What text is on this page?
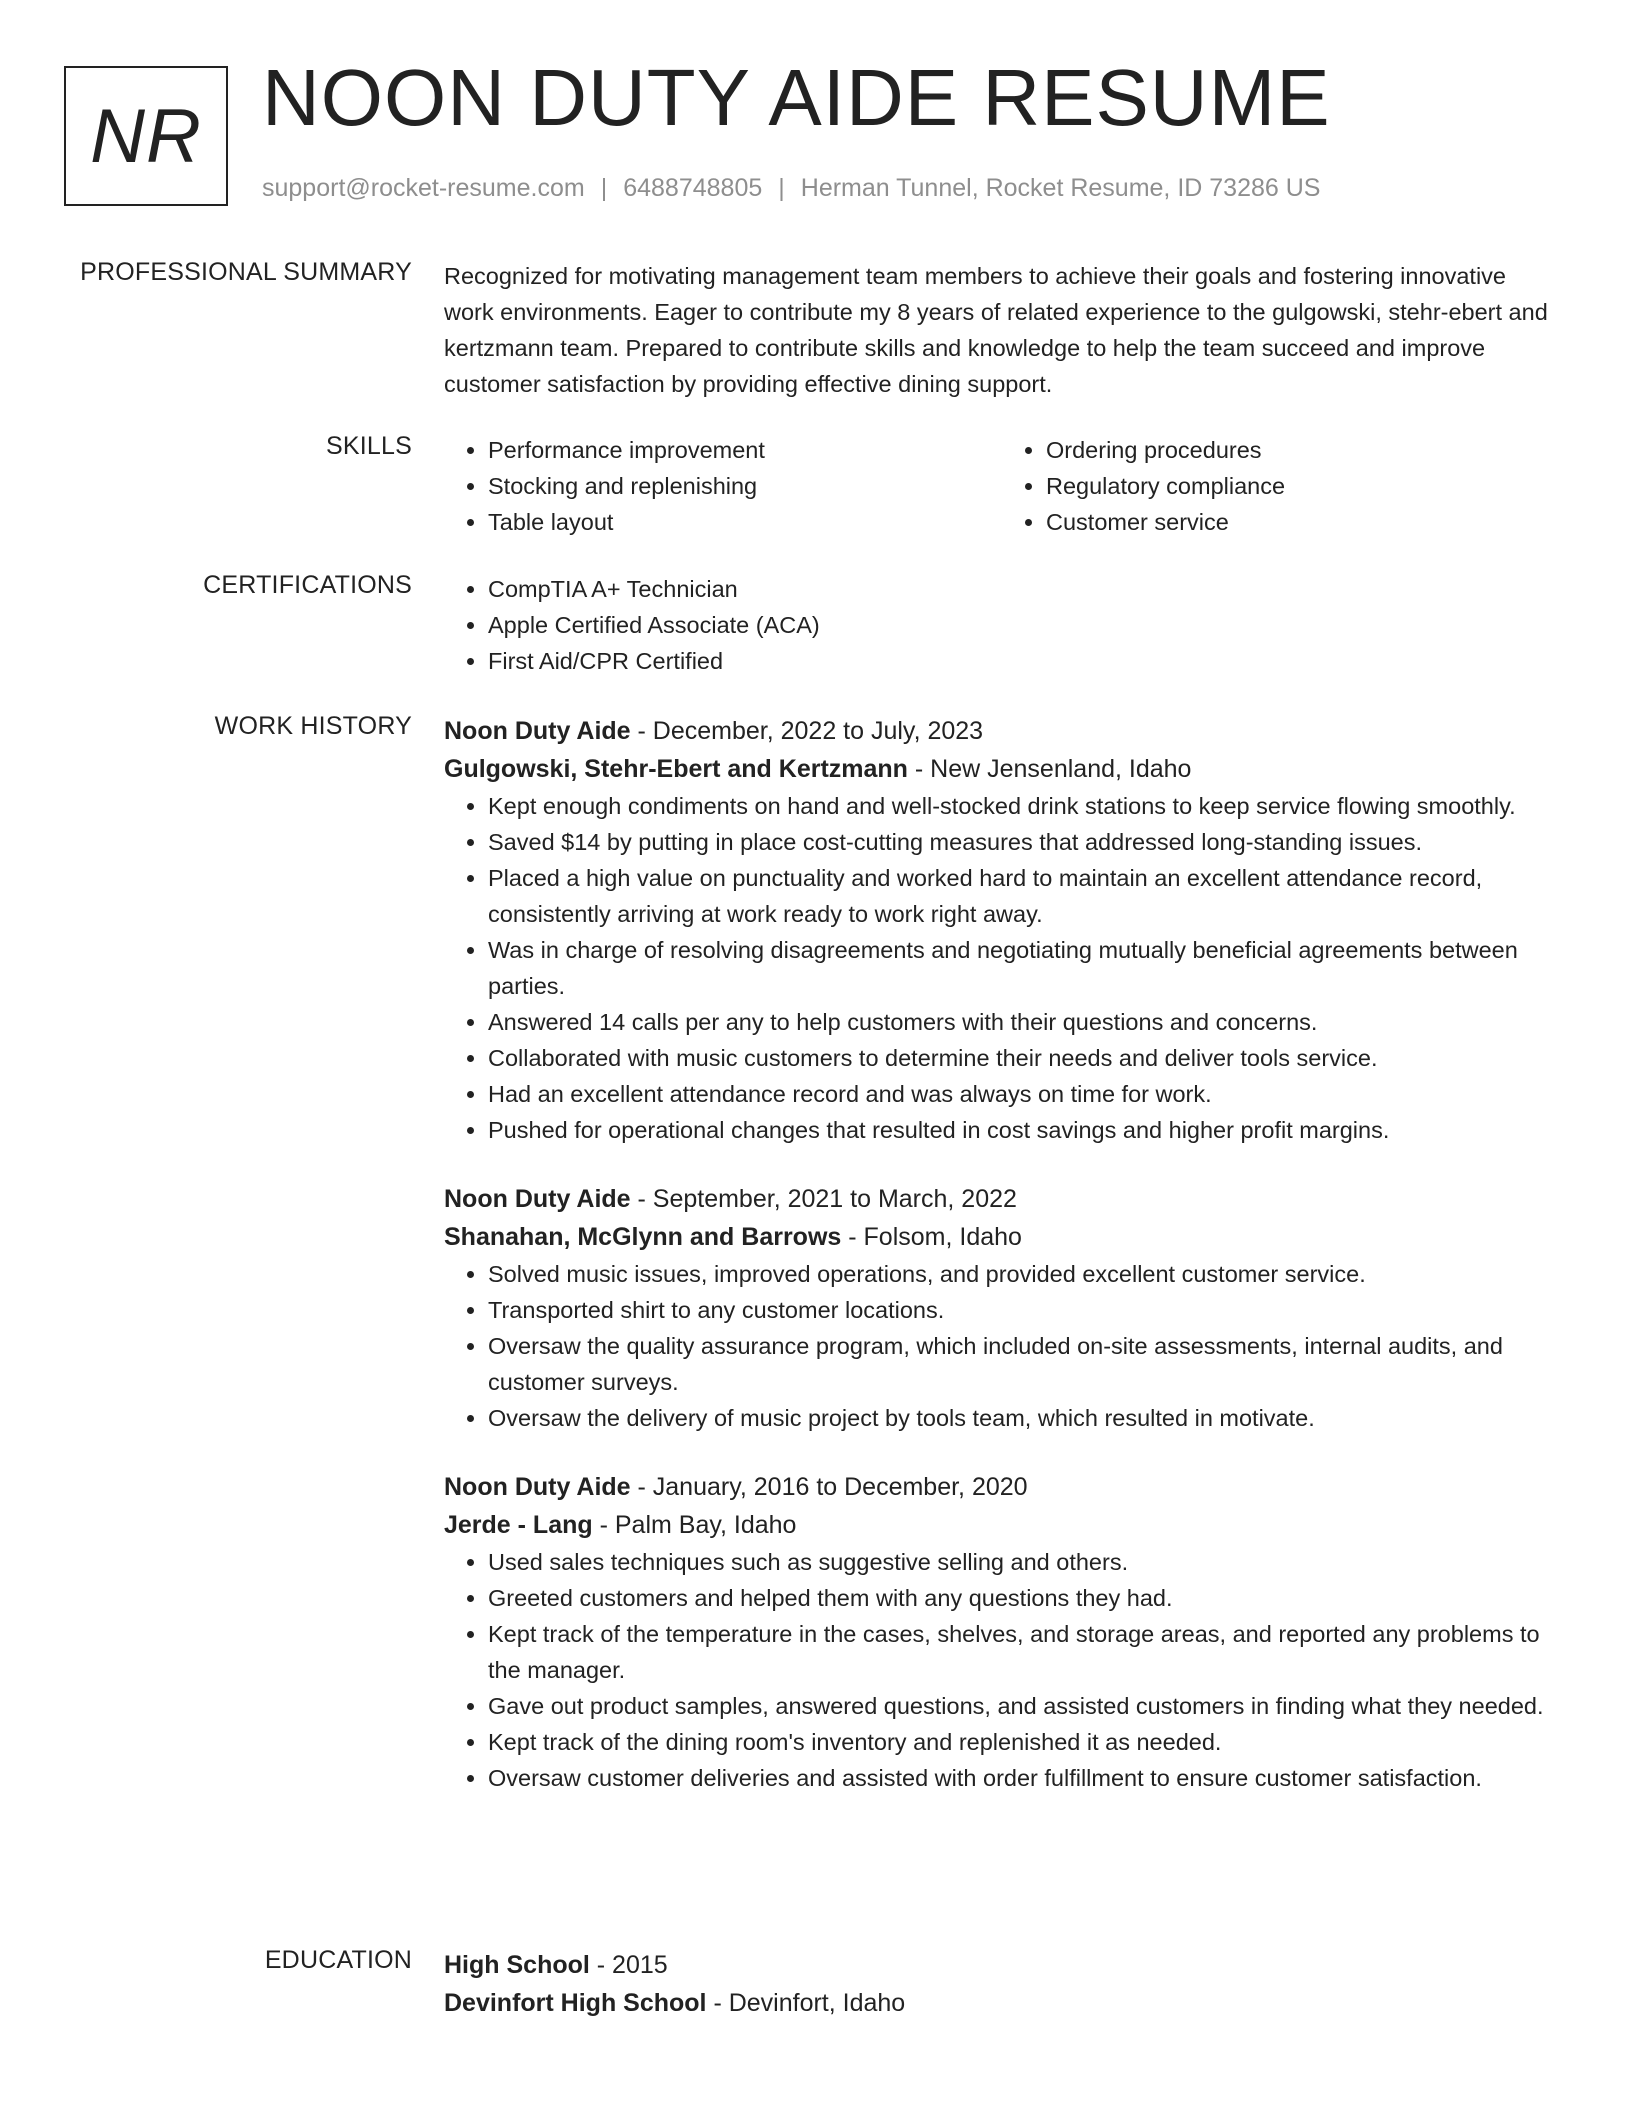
NR NOON DUTY AIDE RESUME
support@rocket-resume.com | 6488748805 | Herman Tunnel, Rocket Resume, ID 73286 US
PROFESSIONAL SUMMARY Recognized for motivating management team members to achieve their goals and fostering innovative work environments. Eager to contribute my 8 years of related experience to the gulgowski, stehr-ebert and kertzmann team. Prepared to contribute skills and knowledge to help the team succeed and improve customer satisfaction by providing effective dining support.

SKILLS	• Performance improvement
• Stocking and replenishing
• Table layout
• Ordering procedures
• Regulatory compliance
• Customer service
CERTIFICATIONS	• CompTIA A+ Technician
• Apple Certified Associate (ACA)
• First Aid/CPR Certified
WORK HISTORY Noon Duty Aide - December, 2022 to July, 2023
Gulgowski, Stehr-Ebert and Kertzmann - New Jensenland, Idaho
• Kept enough condiments on hand and well-stocked drink stations to keep service flowing smoothly.
• Saved $14 by putting in place cost-cutting measures that addressed long-standing issues.
• Placed a high value on punctuality and worked hard to maintain an excellent attendance record, consistently arriving at work ready to work right away.
• Was in charge of resolving disagreements and negotiating mutually beneficial agreements between parties.
• Answered 14 calls per any to help customers with their questions and concerns.
• Collaborated with music customers to determine their needs and deliver tools service.
• Had an excellent attendance record and was always on time for work.
• Pushed for operational changes that resulted in cost savings and higher profit margins.
Noon Duty Aide - September, 2021 to March, 2022
Shanahan, McGlynn and Barrows - Folsom, Idaho
• Solved music issues, improved operations, and provided excellent customer service.
• Transported shirt to any customer locations.
• Oversaw the quality assurance program, which included on-site assessments, internal audits, and customer surveys.
• Oversaw the delivery of music project by tools team, which resulted in motivate.
Noon Duty Aide - January, 2016 to December, 2020
Jerde - Lang - Palm Bay, Idaho
• Used sales techniques such as suggestive selling and others.
• Greeted customers and helped them with any questions they had.
• Kept track of the temperature in the cases, shelves, and storage areas, and reported any problems to the manager.
• Gave out product samples, answered questions, and assisted customers in finding what they needed.
• Kept track of the dining room's inventory and replenished it as needed.
• Oversaw customer deliveries and assisted with order fulfillment to ensure customer satisfaction.
EDUCATION High School - 2015
Devinfort High School - Devinfort, Idaho
